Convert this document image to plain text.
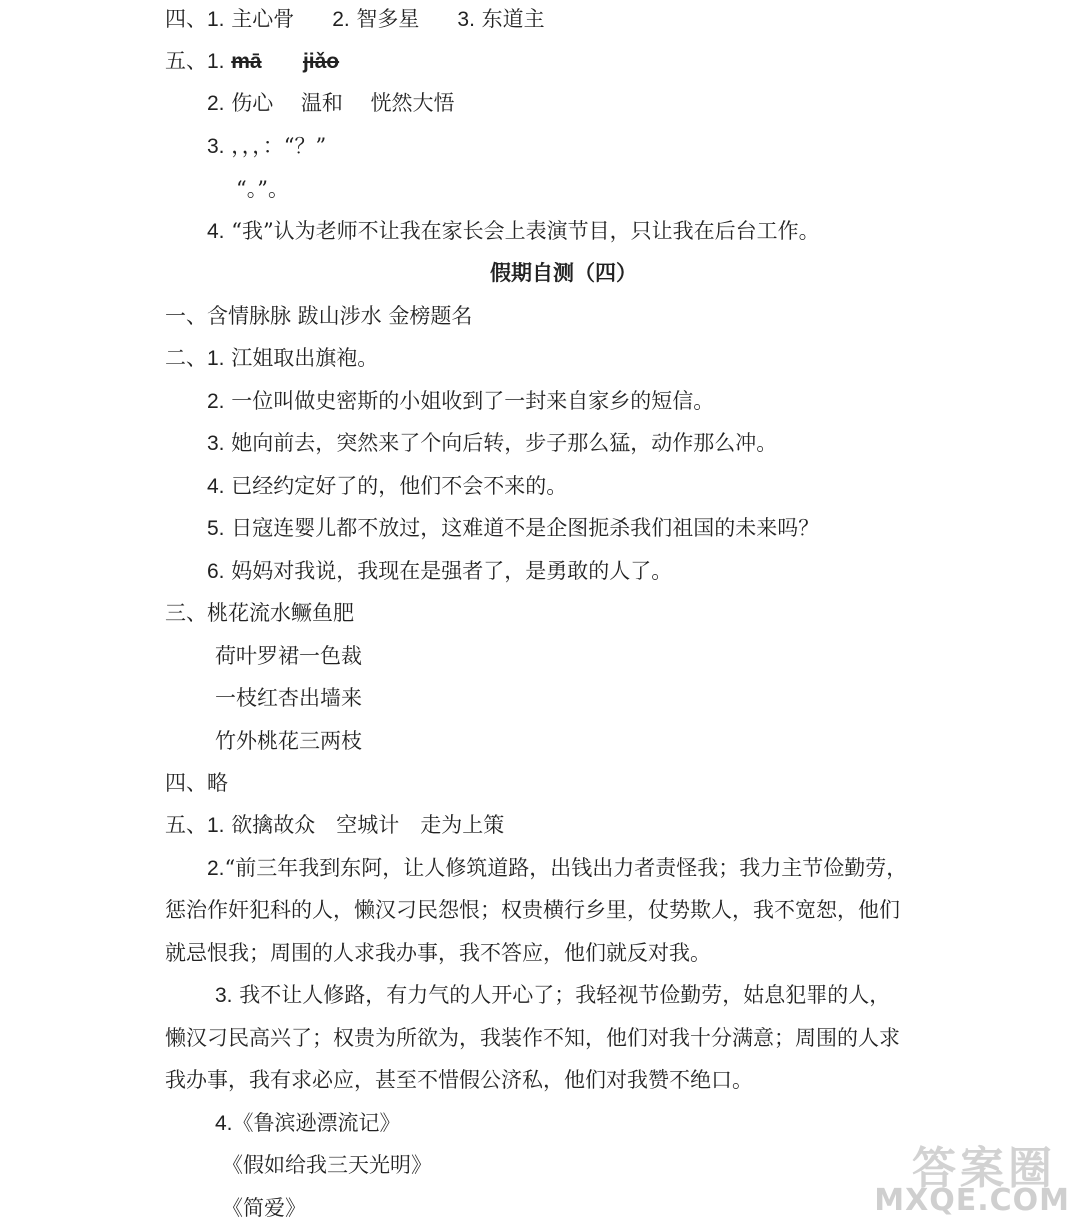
四、1. 主心骨 2. 智多星 3. 东道主
五、1. mā jiǎo
2. 伤心　 温和　 恍然大悟
3. ，，，：“？”
“。”。
4. “我”认为老师不让我在家长会上表演节目，只让我在后台工作。
假期自测（四）
一、含情脉脉 跋山涉水 金榜题名
二、1. 江姐取出旗袍。
2. 一位叫做史密斯的小姐收到了一封来自家乡的短信。
3. 她向前去，突然来了个向后转，步子那么猛，动作那么冲。
4. 已经约定好了的，他们不会不来的。
5. 日寇连婴儿都不放过，这难道不是企图扼杀我们祖国的未来吗？
6. 妈妈对我说，我现在是强者了，是勇敢的人了。
三、桃花流水鳜鱼肥
荷叶罗裙一色裁
一枝红杏出墙来
竹外桃花三两枝
四、略
五、1. 欲擒故众　空城计　走为上策
2.“前三年我到东阿，让人修筑道路，出钱出力者责怪我；我力主节俭勤劳，
惩治作奸犯科的人，懒汉刁民怨恨；权贵横行乡里，仗势欺人，我不宽恕，他们
就忌恨我；周围的人求我办事，我不答应，他们就反对我。
3. 我不让人修路，有力气的人开心了；我轻视节俭勤劳，姑息犯罪的人，
懒汉刁民高兴了；权贵为所欲为，我装作不知，他们对我十分满意；周围的人求
我办事，我有求必应，甚至不惜假公济私，他们对我赞不绝口。
4.《鲁滨逊漂流记》
《假如给我三天光明》
《简爱》
答案圈
MXQE.COM
